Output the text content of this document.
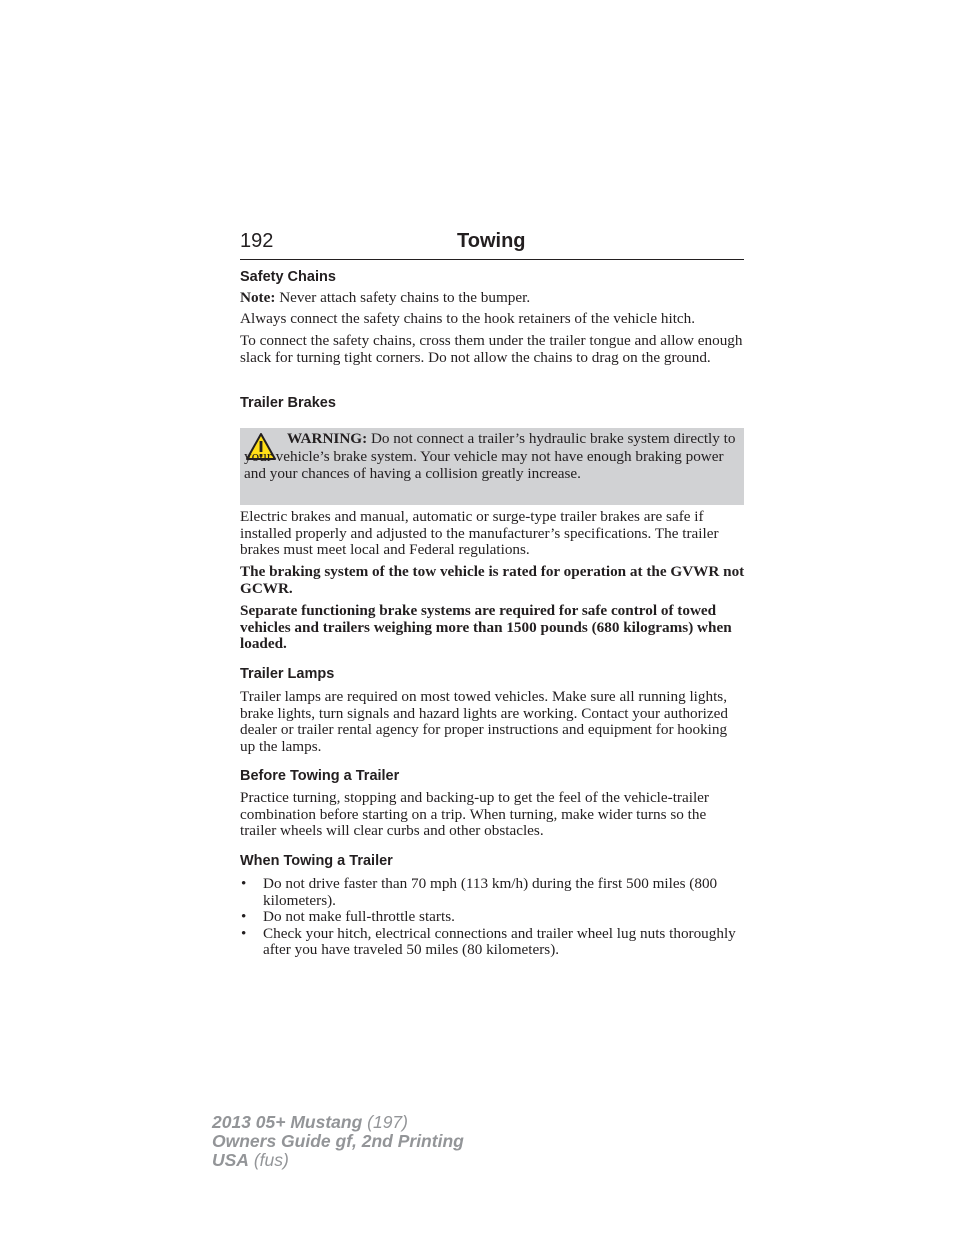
192	Towing
Safety Chains
Note: Never attach safety chains to the bumper.
Always connect the safety chains to the hook retainers of the vehicle hitch.
To connect the safety chains, cross them under the trailer tongue and allow enough slack for turning tight corners. Do not allow the chains to drag on the ground.
Trailer Brakes
WARNING: Do not connect a trailer’s hydraulic brake system directly to your vehicle’s brake system. Your vehicle may not have enough braking power and your chances of having a collision greatly increase.
Electric brakes and manual, automatic or surge-type trailer brakes are safe if installed properly and adjusted to the manufacturer’s specifications. The trailer brakes must meet local and Federal regulations.
The braking system of the tow vehicle is rated for operation at the GVWR not GCWR.
Separate functioning brake systems are required for safe control of towed vehicles and trailers weighing more than 1500 pounds (680 kilograms) when loaded.
Trailer Lamps
Trailer lamps are required on most towed vehicles. Make sure all running lights, brake lights, turn signals and hazard lights are working. Contact your authorized dealer or trailer rental agency for proper instructions and equipment for hooking up the lamps.
Before Towing a Trailer
Practice turning, stopping and backing-up to get the feel of the vehicle-trailer combination before starting on a trip. When turning, make wider turns so the trailer wheels will clear curbs and other obstacles.
When Towing a Trailer
• Do not drive faster than 70 mph (113 km/h) during the first 500 miles (800 kilometers).
• Do not make full-throttle starts.
• Check your hitch, electrical connections and trailer wheel lug nuts thoroughly after you have traveled 50 miles (80 kilometers).
2013 05+ Mustang (197)
Owners Guide gf, 2nd Printing
USA (fus)
